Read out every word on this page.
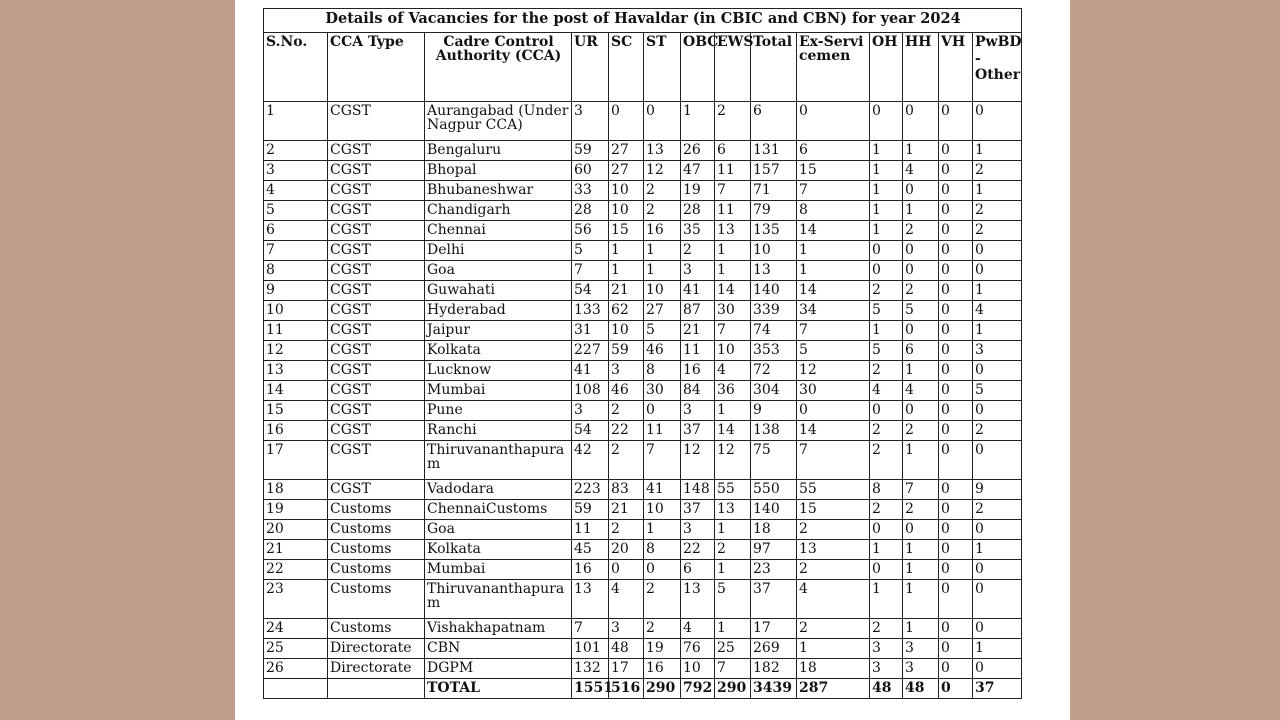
Details of Vacancies for the post of Havaldar (in CBIC and CBN) for year 2024													
S.No.	CCA Type	Cadre Control Authority (CCA)	UR	SC	ST	OBC	EWS	Total	Ex-Servicemen	OH	HH	VH	PwBD
-
Other

1	CGST	Aurangabad (Under Nagpur CCA)	3	0	0	1	2	6	0	0	0	0	0
2	CGST	Bengaluru	59	27	13	26	6	131	6	1	1	0	1
3	CGST	Bhopal	60	27	12	47	11	157	15	1	4	0	2
4	CGST	Bhubaneshwar	33	10	2	19	7	71	7	1	0	0	1
5	CGST	Chandigarh	28	10	2	28	11	79	8	1	1	0	2
6	CGST	Chennai	56	15	16	35	13	135	14	1	2	0	2
7	CGST	Delhi	5	1	1	2	1	10	1	0	0	0	0
8	CGST	Goa	7	1	1	3	1	13	1	0	0	0	0
9	CGST	Guwahati	54	21	10	41	14	140	14	2	2	0	1
10	CGST	Hyderabad	133	62	27	87	30	339	34	5	5	0	4
11	CGST	Jaipur	31	10	5	21	7	74	7	1	0	0	1
12	CGST	Kolkata	227	59	46	11	10	353	5	5	6	0	3
13	CGST	Lucknow	41	3	8	16	4	72	12	2	1	0	0
14	CGST	Mumbai	108	46	30	84	36	304	30	4	4	0	5
15	CGST	Pune	3	2	0	3	1	9	0	0	0	0	0
16	CGST	Ranchi	54	22	11	37	14	138	14	2	2	0	2
17	CGST	Thiruvananthapura m	42	2	7	12	12	75	7	2	1	0	0
18	CGST	Vadodara	223	83	41	148	55	550	55	8	7	0	9
19	Customs	ChennaiCustoms	59	21	10	37	13	140	15	2	2	0	2
20	Customs	Goa	11	2	1	3	1	18	2	0	0	0	0
21	Customs	Kolkata	45	20	8	22	2	97	13	1	1	0	1
22	Customs	Mumbai	16	0	0	6	1	23	2	0	1	0	0
23	Customs	Thiruvananthapura m	13	4	2	13	5	37	4	1	1	0	0
24	Customs	Vishakhapatnam	7	3	2	4	1	17	2	2	1	0	0
25	Directorate	CBN	101	48	19	76	25	269	1	3	3	0	1
26	Directorate	DGPM	132	17	16	10	7	182	18	3	3	0	0
		TOTAL	1551	516	290	792	290	3439	287	48	48	0	37
